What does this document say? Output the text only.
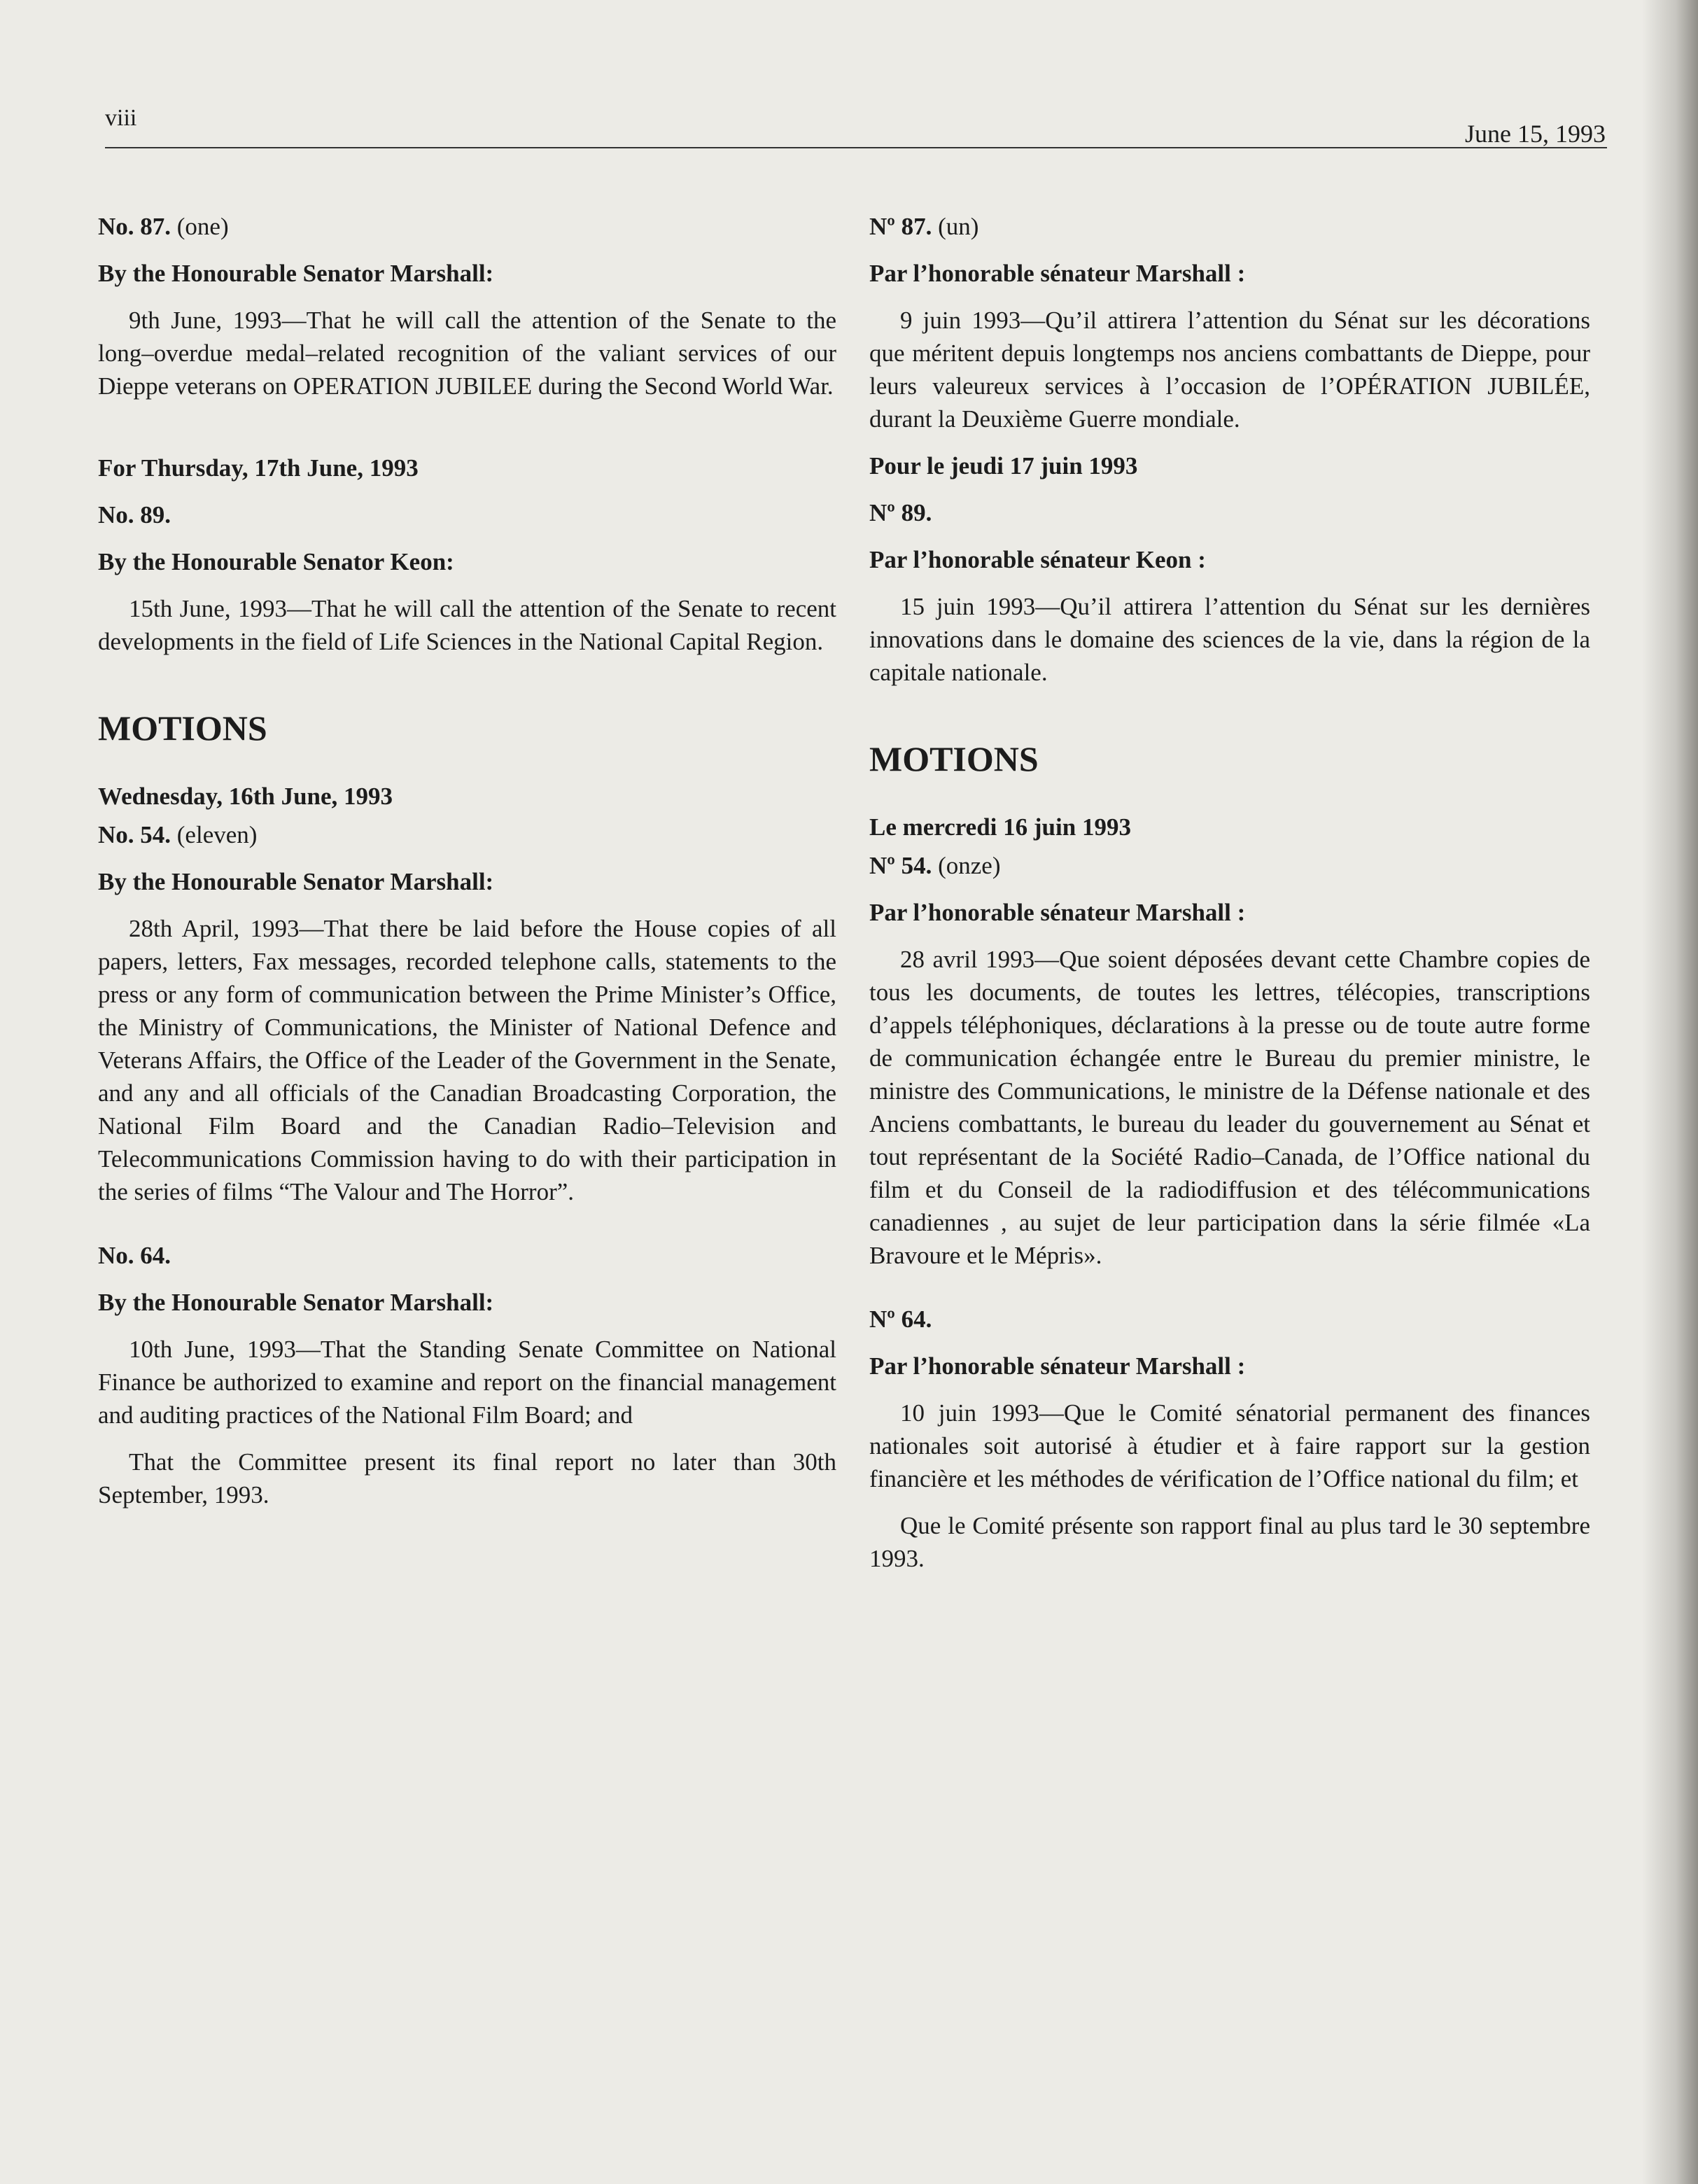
viii
June 15, 1993

No. 87. (one)

By the Honourable Senator Marshall:

9th June, 1993—That he will call the attention of the Senate to the long–overdue medal–related recognition of the valiant services of our Dieppe veterans on OPERATION JUBILEE during the Second World War.

For Thursday, 17th June, 1993

No. 89.

By the Honourable Senator Keon:

15th June, 1993—That he will call the attention of the Senate to recent developments in the field of Life Sciences in the National Capital Region.

MOTIONS

Wednesday, 16th June, 1993

No. 54. (eleven)

By the Honourable Senator Marshall:

28th April, 1993—That there be laid before the House copies of all papers, letters, Fax messages, recorded telephone calls, statements to the press or any form of communication between the Prime Minister’s Office, the Ministry of Communications, the Minister of National Defence and Veterans Affairs, the Office of the Leader of the Government in the Senate, and any and all officials of the Canadian Broadcasting Corporation, the National Film Board and the Canadian Radio–Television and Telecommunications Commission having to do with their participation in the series of films “The Valour and The Horror”.

No. 64.

By the Honourable Senator Marshall:

10th June, 1993—That the Standing Senate Committee on National Finance be authorized to examine and report on the financial management and auditing practices of the National Film Board; and

That the Committee present its final report no later than 30th September, 1993.

Nº 87. (un)

Par l’honorable sénateur Marshall :

9 juin 1993—Qu’il attirera l’attention du Sénat sur les décorations que méritent depuis longtemps nos anciens combattants de Dieppe, pour leurs valeureux services à l’occasion de l’OPÉRATION JUBILÉE, durant la Deuxième Guerre mondiale.

Pour le jeudi 17 juin 1993

Nº 89.

Par l’honorable sénateur Keon :

15 juin 1993—Qu’il attirera l’attention du Sénat sur les dernières innovations dans le domaine des sciences de la vie, dans la région de la capitale nationale.

MOTIONS

Le mercredi 16 juin 1993

Nº 54. (onze)

Par l’honorable sénateur Marshall :

28 avril 1993—Que soient déposées devant cette Chambre copies de tous les documents, de toutes les lettres, télécopies, transcriptions d’appels téléphoniques, déclarations à la presse ou de toute autre forme de communication échangée entre le Bureau du premier ministre, le ministre des Communications, le ministre de la Défense nationale et des Anciens combattants, le bureau du leader du gouvernement au Sénat et tout représentant de la Société Radio–Canada, de l’Office national du film et du Conseil de la radiodiffusion et des télécommunications canadiennes , au sujet de leur participation dans la série filmée «La Bravoure et le Mépris».

Nº 64.

Par l’honorable sénateur Marshall :

10 juin 1993—Que le Comité sénatorial permanent des finances nationales soit autorisé à étudier et à faire rapport sur la gestion financière et les méthodes de vérification de l’Office national du film; et

Que le Comité présente son rapport final au plus tard le 30 septembre 1993.
